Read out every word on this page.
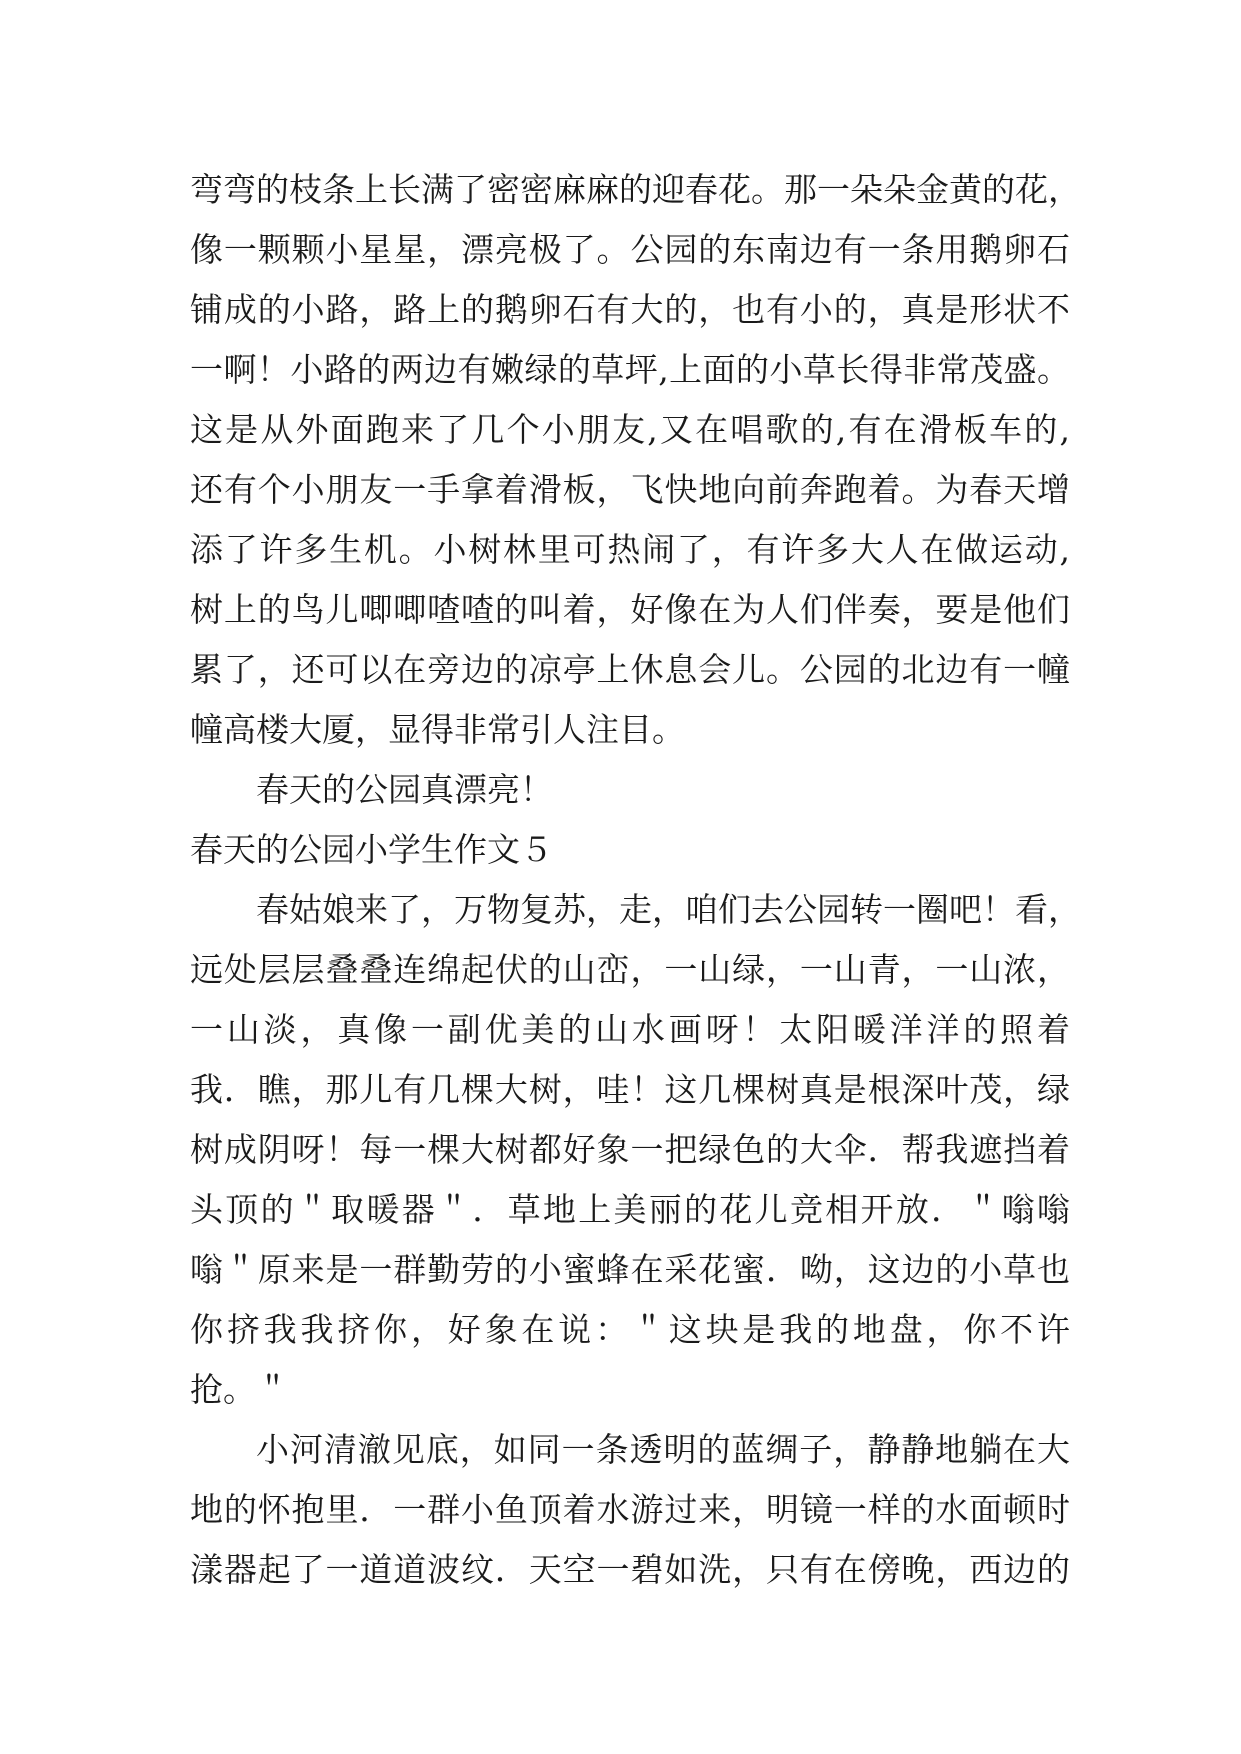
弯弯的枝条上长满了密密麻麻的迎春花。那一朵朵金黄的花，
像一颗颗小星星，漂亮极了。公园的东南边有一条用鹅卵石
铺成的小路，路上的鹅卵石有大的，也有小的，真是形状不
一啊！小路的两边有嫩绿的草坪,上面的小草长得非常茂盛。
这是从外面跑来了几个小朋友,又在唱歌的,有在滑板车的,
还有个小朋友一手拿着滑板，飞快地向前奔跑着。为春天增
添了许多生机。小树林里可热闹了，有许多大人在做运动,
树上的鸟儿唧唧喳喳的叫着，好像在为人们伴奏，要是他们
累了，还可以在旁边的凉亭上休息会儿。公园的北边有一幢
幢高楼大厦，显得非常引人注目。
春天的公园真漂亮！
春天的公园小学生作文５
春姑娘来了，万物复苏，走，咱们去公园转一圈吧！看，
远处层层叠叠连绵起伏的山峦，一山绿，一山青，一山浓，
一山淡，真像一副优美的山水画呀！太阳暖洋洋的照着
我．瞧，那儿有几棵大树，哇！这几棵树真是根深叶茂，绿
树成阴呀！每一棵大树都好象一把绿色的大伞．帮我遮挡着
头顶的＂取暖器＂．草地上美丽的花儿竞相开放．＂嗡嗡
嗡＂原来是一群勤劳的小蜜蜂在采花蜜．呦，这边的小草也
你挤我我挤你，好象在说：＂这块是我的地盘，你不许
抢。＂
小河清澈见底，如同一条透明的蓝绸子，静静地躺在大
地的怀抱里．一群小鱼顶着水游过来，明镜一样的水面顿时
漾器起了一道道波纹．天空一碧如洗，只有在傍晚，西边的
